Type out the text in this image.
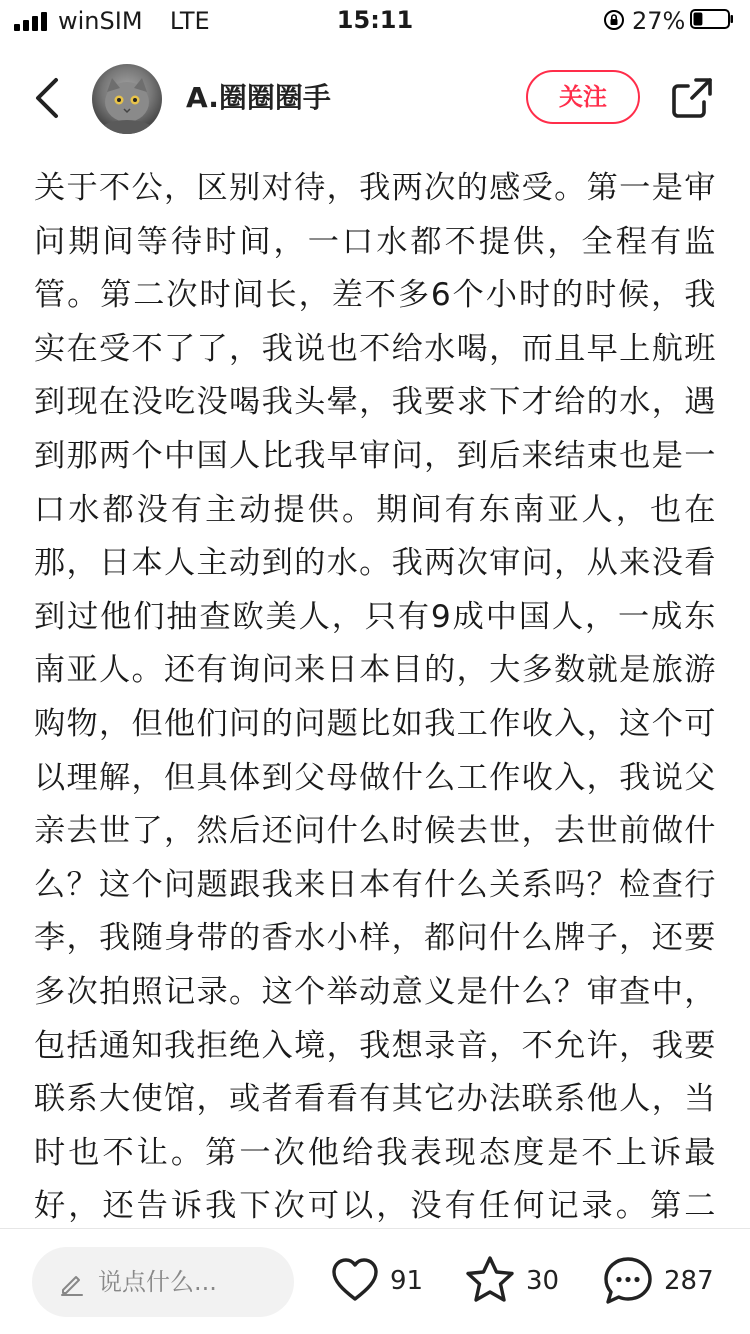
winSIM LTE	15:11	27%
A.圈圈圈手	关注

关于不公，区别对待，我两次的感受。第一是审问期间等待时间，一口水都不提供，全程有监管。第二次时间长，差不多6个小时的时候，我实在受不了了，我说也不给水喝，而且早上航班到现在没吃没喝我头晕，我要求下才给的水，遇到那两个中国人比我早审问，到后来结束也是一口水都没有主动提供。期间有东南亚人，也在那，日本人主动到的水。我两次审问，从来没看到过他们抽查欧美人，只有9成中国人，一成东南亚人。还有询问来日本目的，大多数就是旅游购物，但他们问的问题比如我工作收入，这个可以理解，但具体到父母做什么工作收入，我说父亲去世了，然后还问什么时候去世，去世前做什么？这个问题跟我来日本有什么关系吗？检查行李，我随身带的香水小样，都问什么牌子，还要多次拍照记录。这个举动意义是什么？审查中，包括通知我拒绝入境，我想录音，不允许，我要联系大使馆，或者看看有其它办法联系他人，当时也不让。第一次他给我表现态度是不上诉最好，还告诉我下次可以，没有任何记录。第二

说点什么...	91	30	287
